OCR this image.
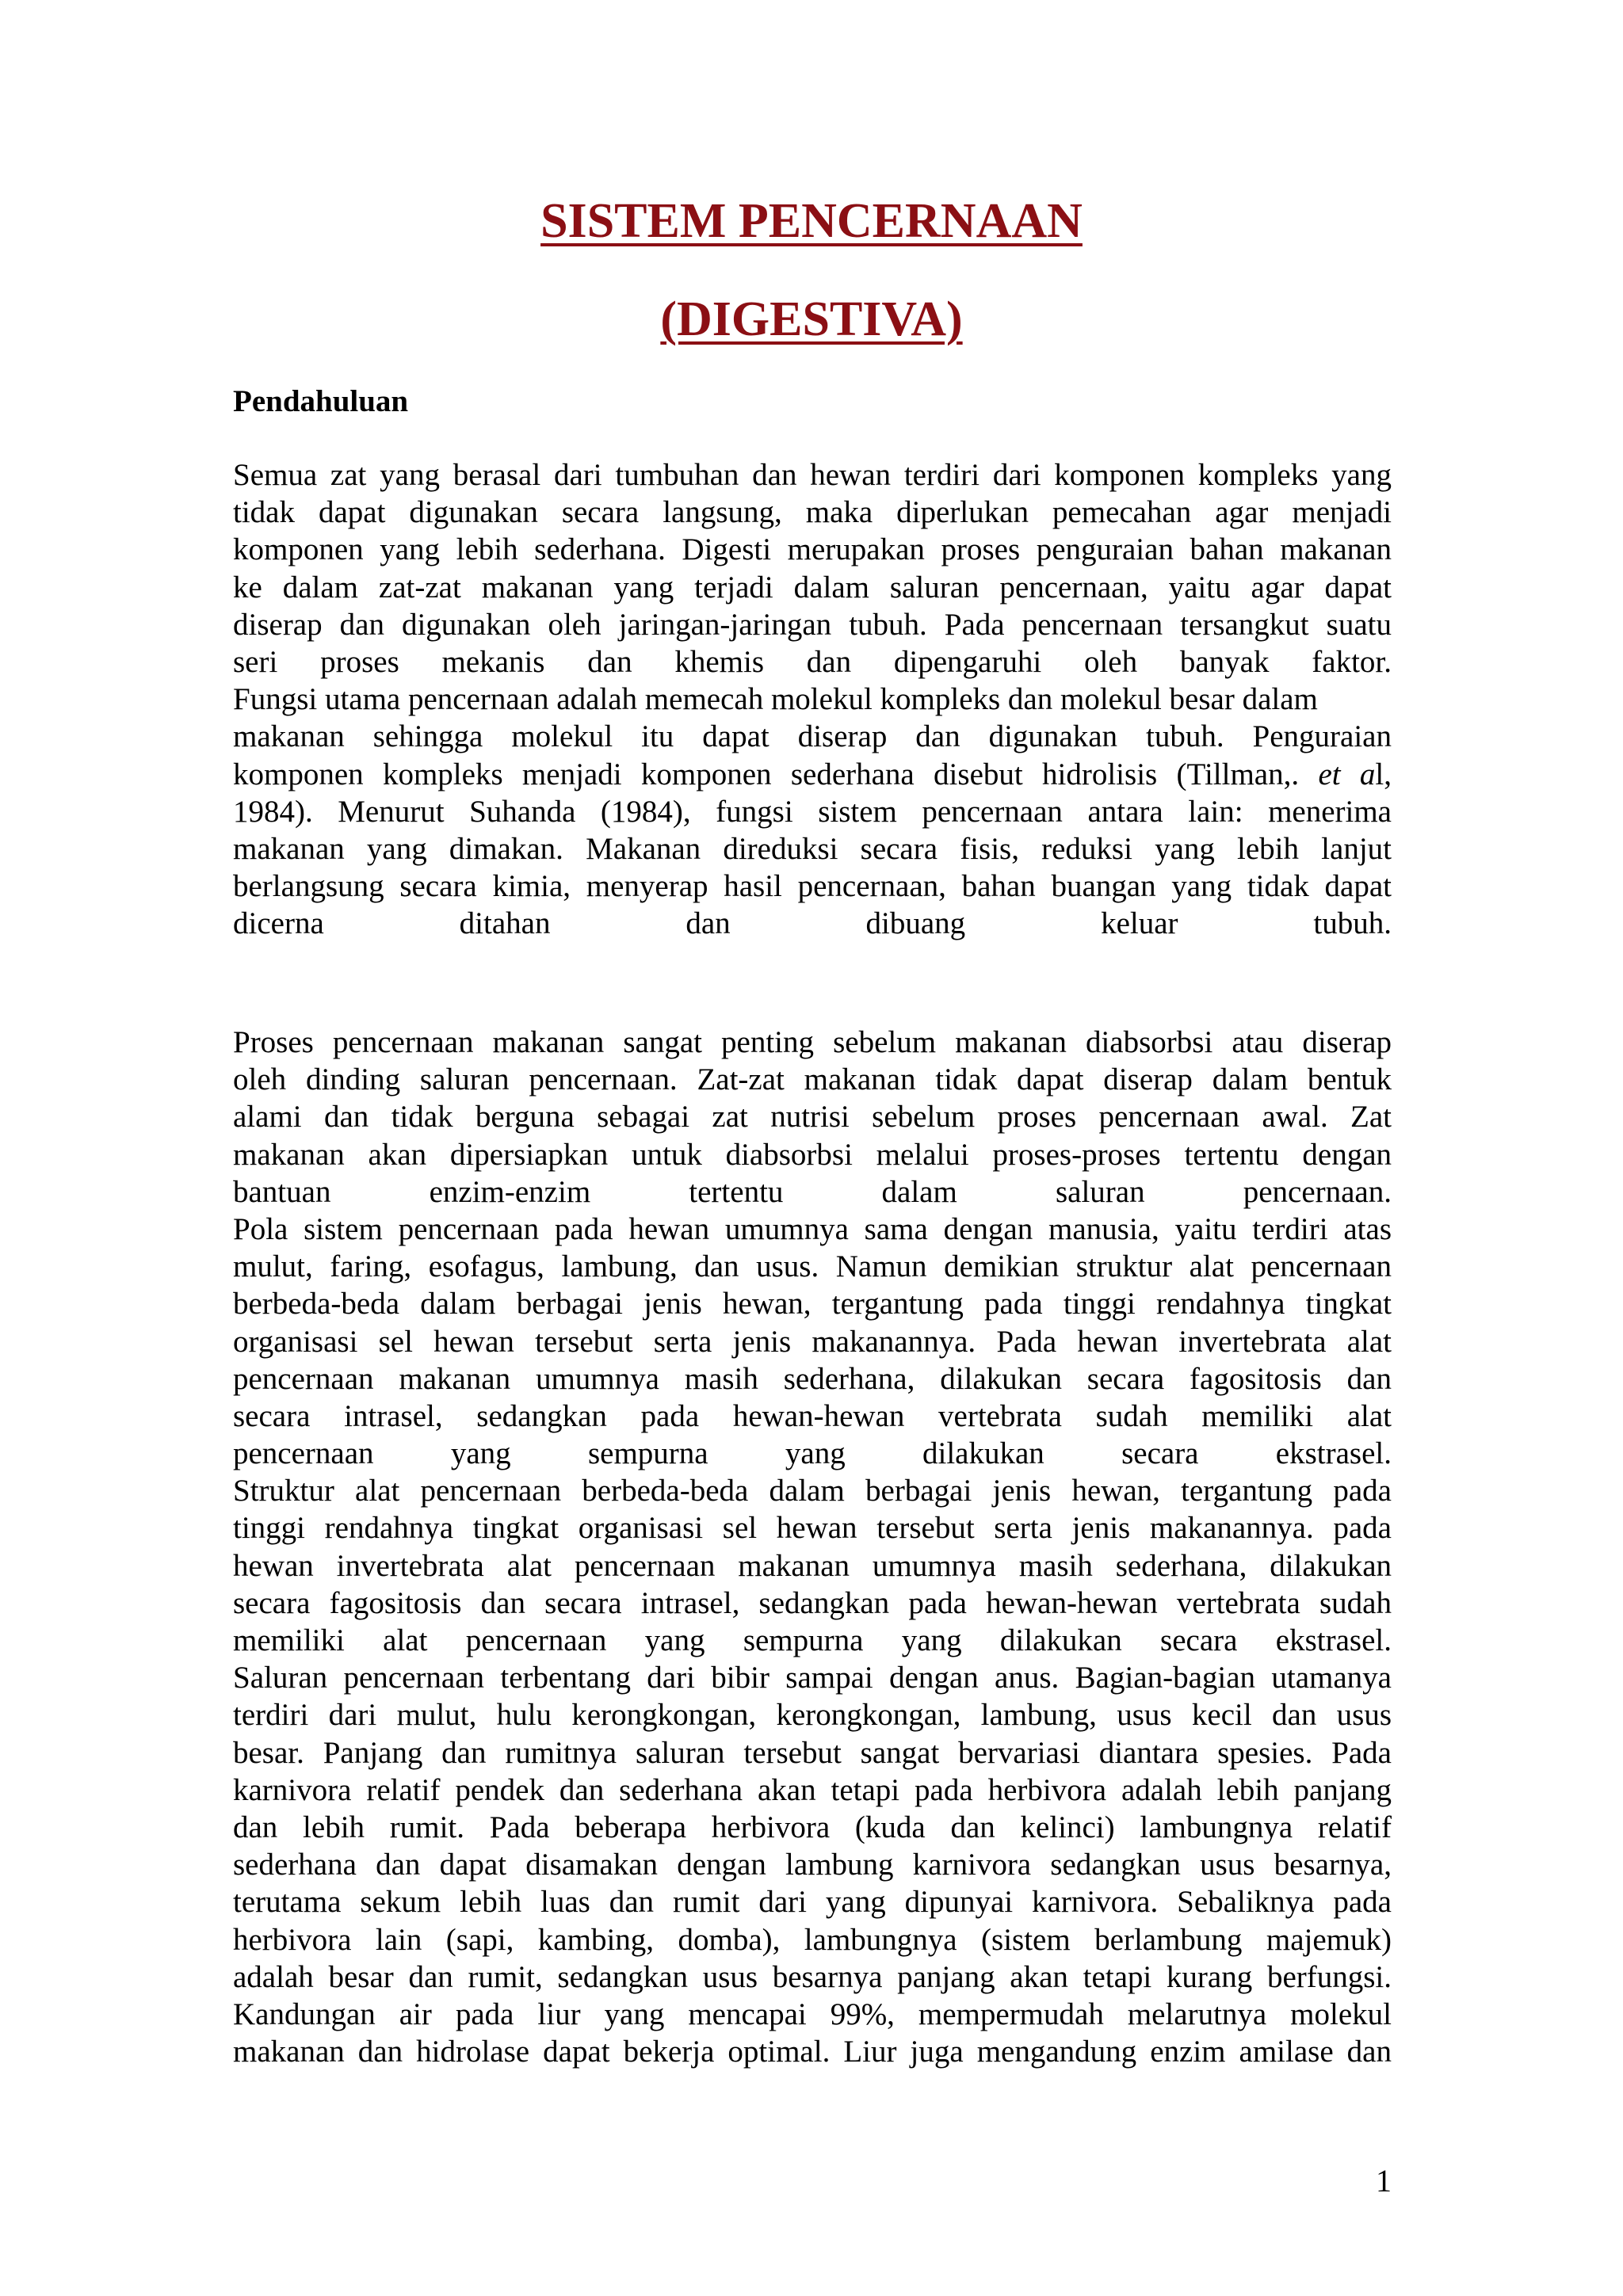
SISTEM PENCERNAAN
(DIGESTIVA)
Pendahuluan
Semua zat yang berasal dari tumbuhan dan hewan terdiri dari komponen kompleks yang
tidak dapat digunakan secara langsung, maka diperlukan pemecahan agar menjadi
komponen yang lebih sederhana. Digesti merupakan proses penguraian bahan makanan
ke dalam zat-zat makanan yang terjadi dalam saluran pencernaan, yaitu agar dapat
diserap dan digunakan oleh jaringan-jaringan tubuh. Pada pencernaan tersangkut suatu
seri proses mekanis dan khemis dan dipengaruhi oleh banyak faktor.
Fungsi utama pencernaan adalah memecah molekul kompleks dan molekul besar dalam
makanan sehingga molekul itu dapat diserap dan digunakan tubuh. Penguraian
komponen kompleks menjadi komponen sederhana disebut hidrolisis (Tillman,. et al,
1984). Menurut Suhanda (1984), fungsi sistem pencernaan antara lain: menerima
makanan yang dimakan. Makanan direduksi secara fisis, reduksi yang lebih lanjut
berlangsung secara kimia, menyerap hasil pencernaan, bahan buangan yang tidak dapat
dicerna ditahan dan dibuang keluar tubuh.
Proses pencernaan makanan sangat penting sebelum makanan diabsorbsi atau diserap
oleh dinding saluran pencernaan. Zat-zat makanan tidak dapat diserap dalam bentuk
alami dan tidak berguna sebagai zat nutrisi sebelum proses pencernaan awal. Zat
makanan akan dipersiapkan untuk diabsorbsi melalui proses-proses tertentu dengan
bantuan enzim-enzim tertentu dalam saluran pencernaan.
Pola sistem pencernaan pada hewan umumnya sama dengan manusia, yaitu terdiri atas
mulut, faring, esofagus, lambung, dan usus. Namun demikian struktur alat pencernaan
berbeda-beda dalam berbagai jenis hewan, tergantung pada tinggi rendahnya tingkat
organisasi sel hewan tersebut serta jenis makanannya. Pada hewan invertebrata alat
pencernaan makanan umumnya masih sederhana, dilakukan secara fagositosis dan
secara intrasel, sedangkan pada hewan-hewan vertebrata sudah memiliki alat
pencernaan yang sempurna yang dilakukan secara ekstrasel.
Struktur alat pencernaan berbeda-beda dalam berbagai jenis hewan, tergantung pada
tinggi rendahnya tingkat organisasi sel hewan tersebut serta jenis makanannya. pada
hewan invertebrata alat pencernaan makanan umumnya masih sederhana, dilakukan
secara fagositosis dan secara intrasel, sedangkan pada hewan-hewan vertebrata sudah
memiliki alat pencernaan yang sempurna yang dilakukan secara ekstrasel.
Saluran pencernaan terbentang dari bibir sampai dengan anus. Bagian-bagian utamanya
terdiri dari mulut, hulu kerongkongan, kerongkongan, lambung, usus kecil dan usus
besar. Panjang dan rumitnya saluran tersebut sangat bervariasi diantara spesies. Pada
karnivora relatif pendek dan sederhana akan tetapi pada herbivora adalah lebih panjang
dan lebih rumit. Pada beberapa herbivora (kuda dan kelinci) lambungnya relatif
sederhana dan dapat disamakan dengan lambung karnivora sedangkan usus besarnya,
terutama sekum lebih luas dan rumit dari yang dipunyai karnivora. Sebaliknya pada
herbivora lain (sapi, kambing, domba), lambungnya (sistem berlambung majemuk)
adalah besar dan rumit, sedangkan usus besarnya panjang akan tetapi kurang berfungsi.
Kandungan air pada liur yang mencapai 99%, mempermudah melarutnya molekul
makanan dan hidrolase dapat bekerja optimal. Liur juga mengandung enzim amilase dan
1
